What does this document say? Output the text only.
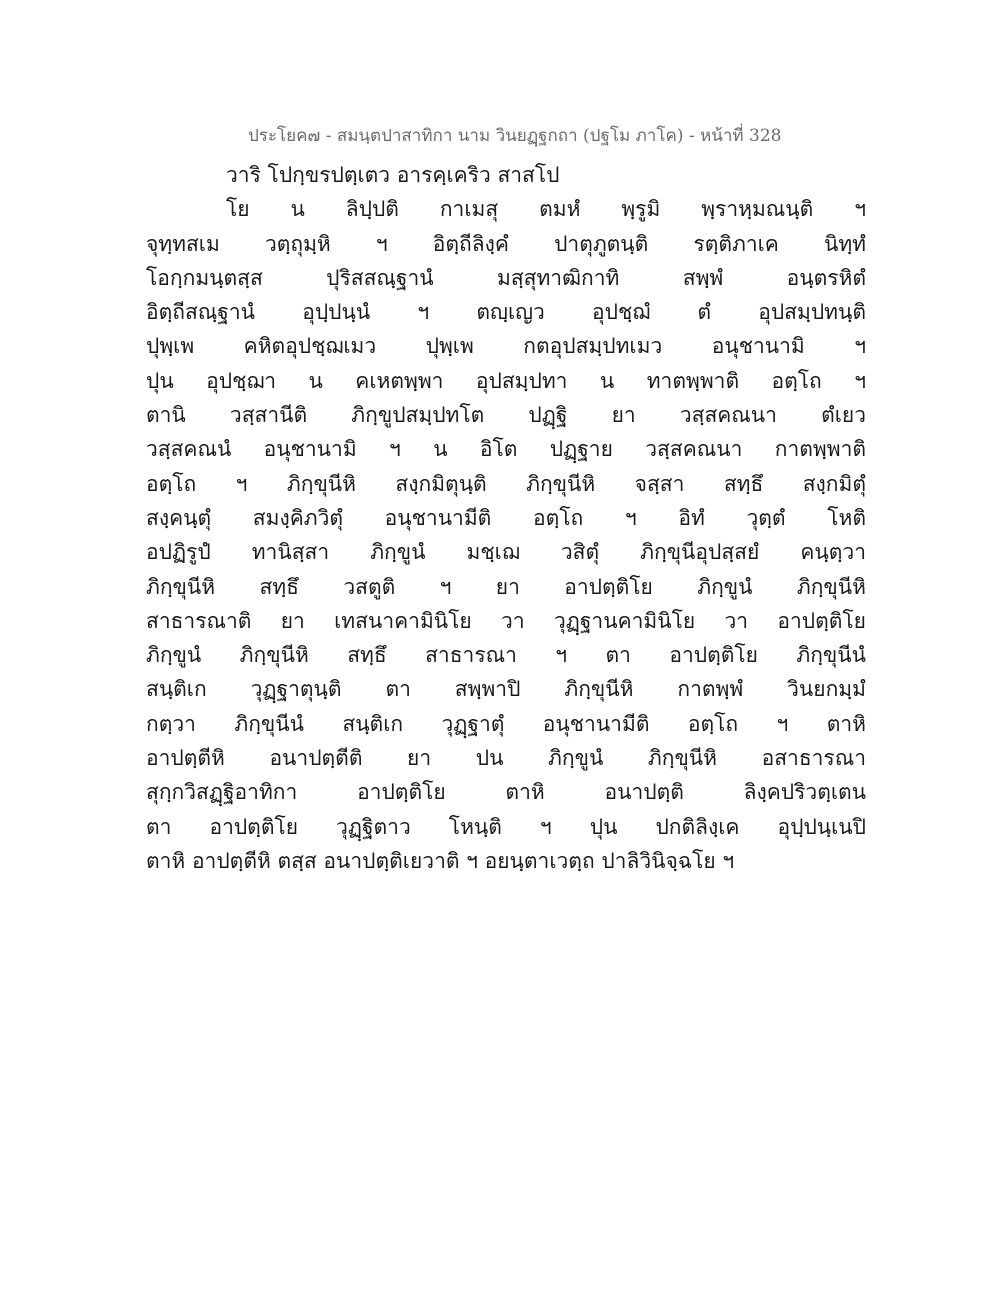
ประโยค๗ - สมนฺตปาสาทิกา นาม วินยฏฺฐกถา (ปฐโม ภาโค) - หน้าที่ 328
วาริ โปกฺขรปตฺเตว อารคฺเคริว สาสโป
โย น ลิปฺปติ กาเมสุ ตมหํ พฺรูมิ พฺราหฺมณนฺติ ฯ
จุทฺทสเม วตฺถุมฺหิ ฯ อิตฺถีลิงฺคํ ปาตุภูตนฺติ รตฺติภาเค นิทฺทํ
โอกฺกมนฺตสฺส ปุริสสณฺฐานํ มสฺสุทาฒิกาทิ สพฺพํ อนฺตรหิตํ
อิตฺถีสณฺฐานํ อุปฺปนฺนํ ฯ ตญฺเญว อุปชฺฌํ ตํ อุปสมฺปทนฺติ
ปุพฺเพ คหิตอุปชฺฌเมว ปุพฺเพ กตอุปสมฺปทเมว อนุชานามิ ฯ
ปุน อุปชฺฌา น คเหตพฺพา อุปสมฺปทา น ทาตพฺพาติ อตฺโถ ฯ
ตานิ วสฺสานีติ ภิกฺขูปสมฺปทโต ปฏฺฐิ ยา วสฺสคณนา ตํเยว
วสฺสคณนํ อนุชานามิ ฯ น อิโต ปฏฺฐาย วสฺสคณนา กาตพฺพาติ
อตฺโถ ฯ ภิกฺขุนีหิ สงฺกมิตุนฺติ ภิกฺขุนีหิ จสฺสา สทฺธึ สงฺกมิตุํ
สงฺคนฺตุํ สมงฺคิภวิตุํ อนุชานามีติ อตฺโถ ฯ อิทํ วุตฺตํ โหติ
อปฏิรูปํ ทานิสฺสา ภิกฺขูนํ มชฺเฌ วสิตุํ ภิกฺขุนีอุปสฺสยํ คนฺตฺวา
ภิกฺขุนีหิ สทฺธึ วสตูติ ฯ ยา อาปตฺติโย ภิกฺขูนํ ภิกฺขุนีหิ
สาธารณาติ ยา เทสนาคามินิโย วา วุฏฺฐานคามินิโย วา อาปตฺติโย
ภิกฺขูนํ ภิกฺขุนีหิ สทฺธึ สาธารณา ฯ ตา อาปตฺติโย ภิกฺขุนีนํ
สนฺติเก วุฏฺฐาตุนฺติ ตา สพฺพาปิ ภิกฺขุนีหิ กาตพฺพํ วินยกมฺมํ
กตฺวา ภิกฺขุนีนํ สนฺติเก วุฏฺฐาตุํ อนุชานามีติ อตฺโถ ฯ ตาหิ
อาปตฺตีหิ อนาปตฺตีติ ยา ปน ภิกฺขูนํ ภิกฺขุนีหิ อสาธารณา
สุกฺกวิสฏฺฐิอาทิกา อาปตฺติโย ตาหิ อนาปตฺติ ลิงฺคปริวตฺเตน
ตา อาปตฺติโย วุฏฺฐิตาว โหนฺติ ฯ ปุน ปกติลิงฺเค อุปฺปนฺเนปิ
ตาหิ อาปตฺตีหิ ตสฺส อนาปตฺติเยวาติ ฯ อยนฺตาเวตฺถ ปาลิวินิจฺฉโย ฯ
